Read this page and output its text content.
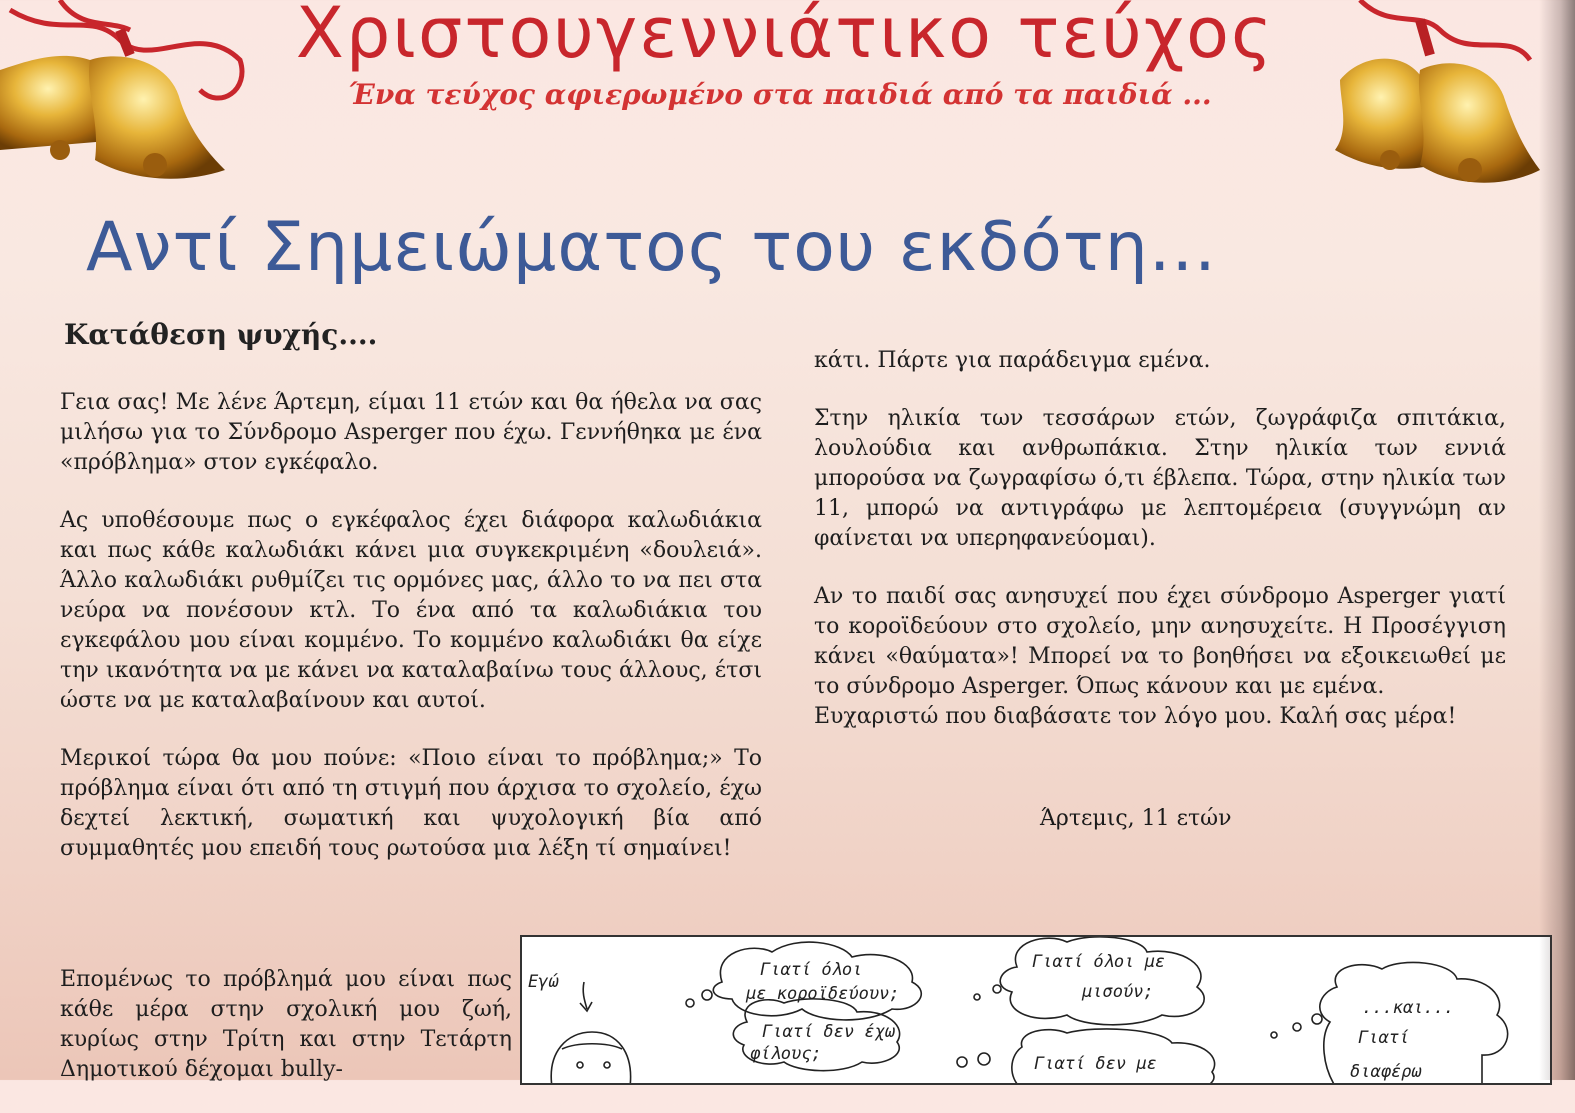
Χριστουγεννιάτικο τεύχος
Ένα τεύχος αφιερωμένο στα παιδιά από τα παιδιά ...
Αντί Σημειώματος του εκδότη...
Κατάθεση ψυχής....

Γεια σας! Με λένε Άρτεμη, είμαι 11 ετών και θα ήθελα να σας μιλήσω για το Σύνδρομο Asperger που έχω. Γεννήθηκα με ένα «πρόβλημα» στον εγκέφαλο.

Ας υποθέσουμε πως ο εγκέφαλος έχει διάφορα καλωδιάκια και πως κάθε καλωδιάκι κάνει μια συγκεκριμένη «δουλειά». Άλλο καλωδιάκι ρυθμίζει τις ορμόνες μας, άλλο το να πει στα νεύρα να πονέσουν κτλ. Το ένα από τα καλωδιάκια του εγκεφάλου μου είναι κομμένο. Το κομμένο καλωδιάκι θα είχε την ικανότητα να με κάνει να καταλαβαίνω τους άλλους, έτσι ώστε να με καταλαβαίνουν και αυτοί.

Μερικοί τώρα θα μου πούνε: «Ποιο είναι το πρόβλημα;» Το πρόβλημα είναι ότι από τη στιγμή που άρχισα το σχολείο, έχω δεχτεί λεκτική, σωματική και ψυχολογική βία από συμμαθητές μου επειδή τους ρωτούσα μια λέξη τί σημαίνει!

Επομένως το πρόβλημά μου είναι πως κάθε μέρα στην σχολική μου ζωή, κυρίως στην Τρίτη και στην Τετάρτη Δημοτικού δέχομαι bully-

κάτι. Πάρτε για παράδειγμα εμένα.

Στην ηλικία των τεσσάρων ετών, ζωγράφιζα σπιτάκια, λουλούδια και ανθρωπάκια. Στην ηλικία των εννιά μπορούσα να ζωγραφίσω ό,τι έβλεπα. Τώρα, στην ηλικία των 11, μπορώ να αντιγράφω με λεπτομέρεια (συγγνώμη αν φαίνεται να υπερηφανεύομαι).

Αν το παιδί σας ανησυχεί που έχει σύνδρομο Asperger γιατί το κοροϊδεύουν στο σχολείο, μην ανησυχείτε. Η Προσέγγιση κάνει «θαύματα»! Μπορεί να το βοηθήσει να εξοικειωθεί με το σύνδρομο Asperger. Όπως κάνουν και με εμένα.

Ευχαριστώ που διαβάσατε τον λόγο μου. Καλή σας μέρα!

Άρτεμις, 11 ετών
Εγώ
Γιατί όλοι
με κοροϊδεύουν;
Γιατί όλοι με
μισούν;
Γιατί δεν έχω
φίλους;	Γιατί δεν με
...και...
Γιατί
διαφέρω
